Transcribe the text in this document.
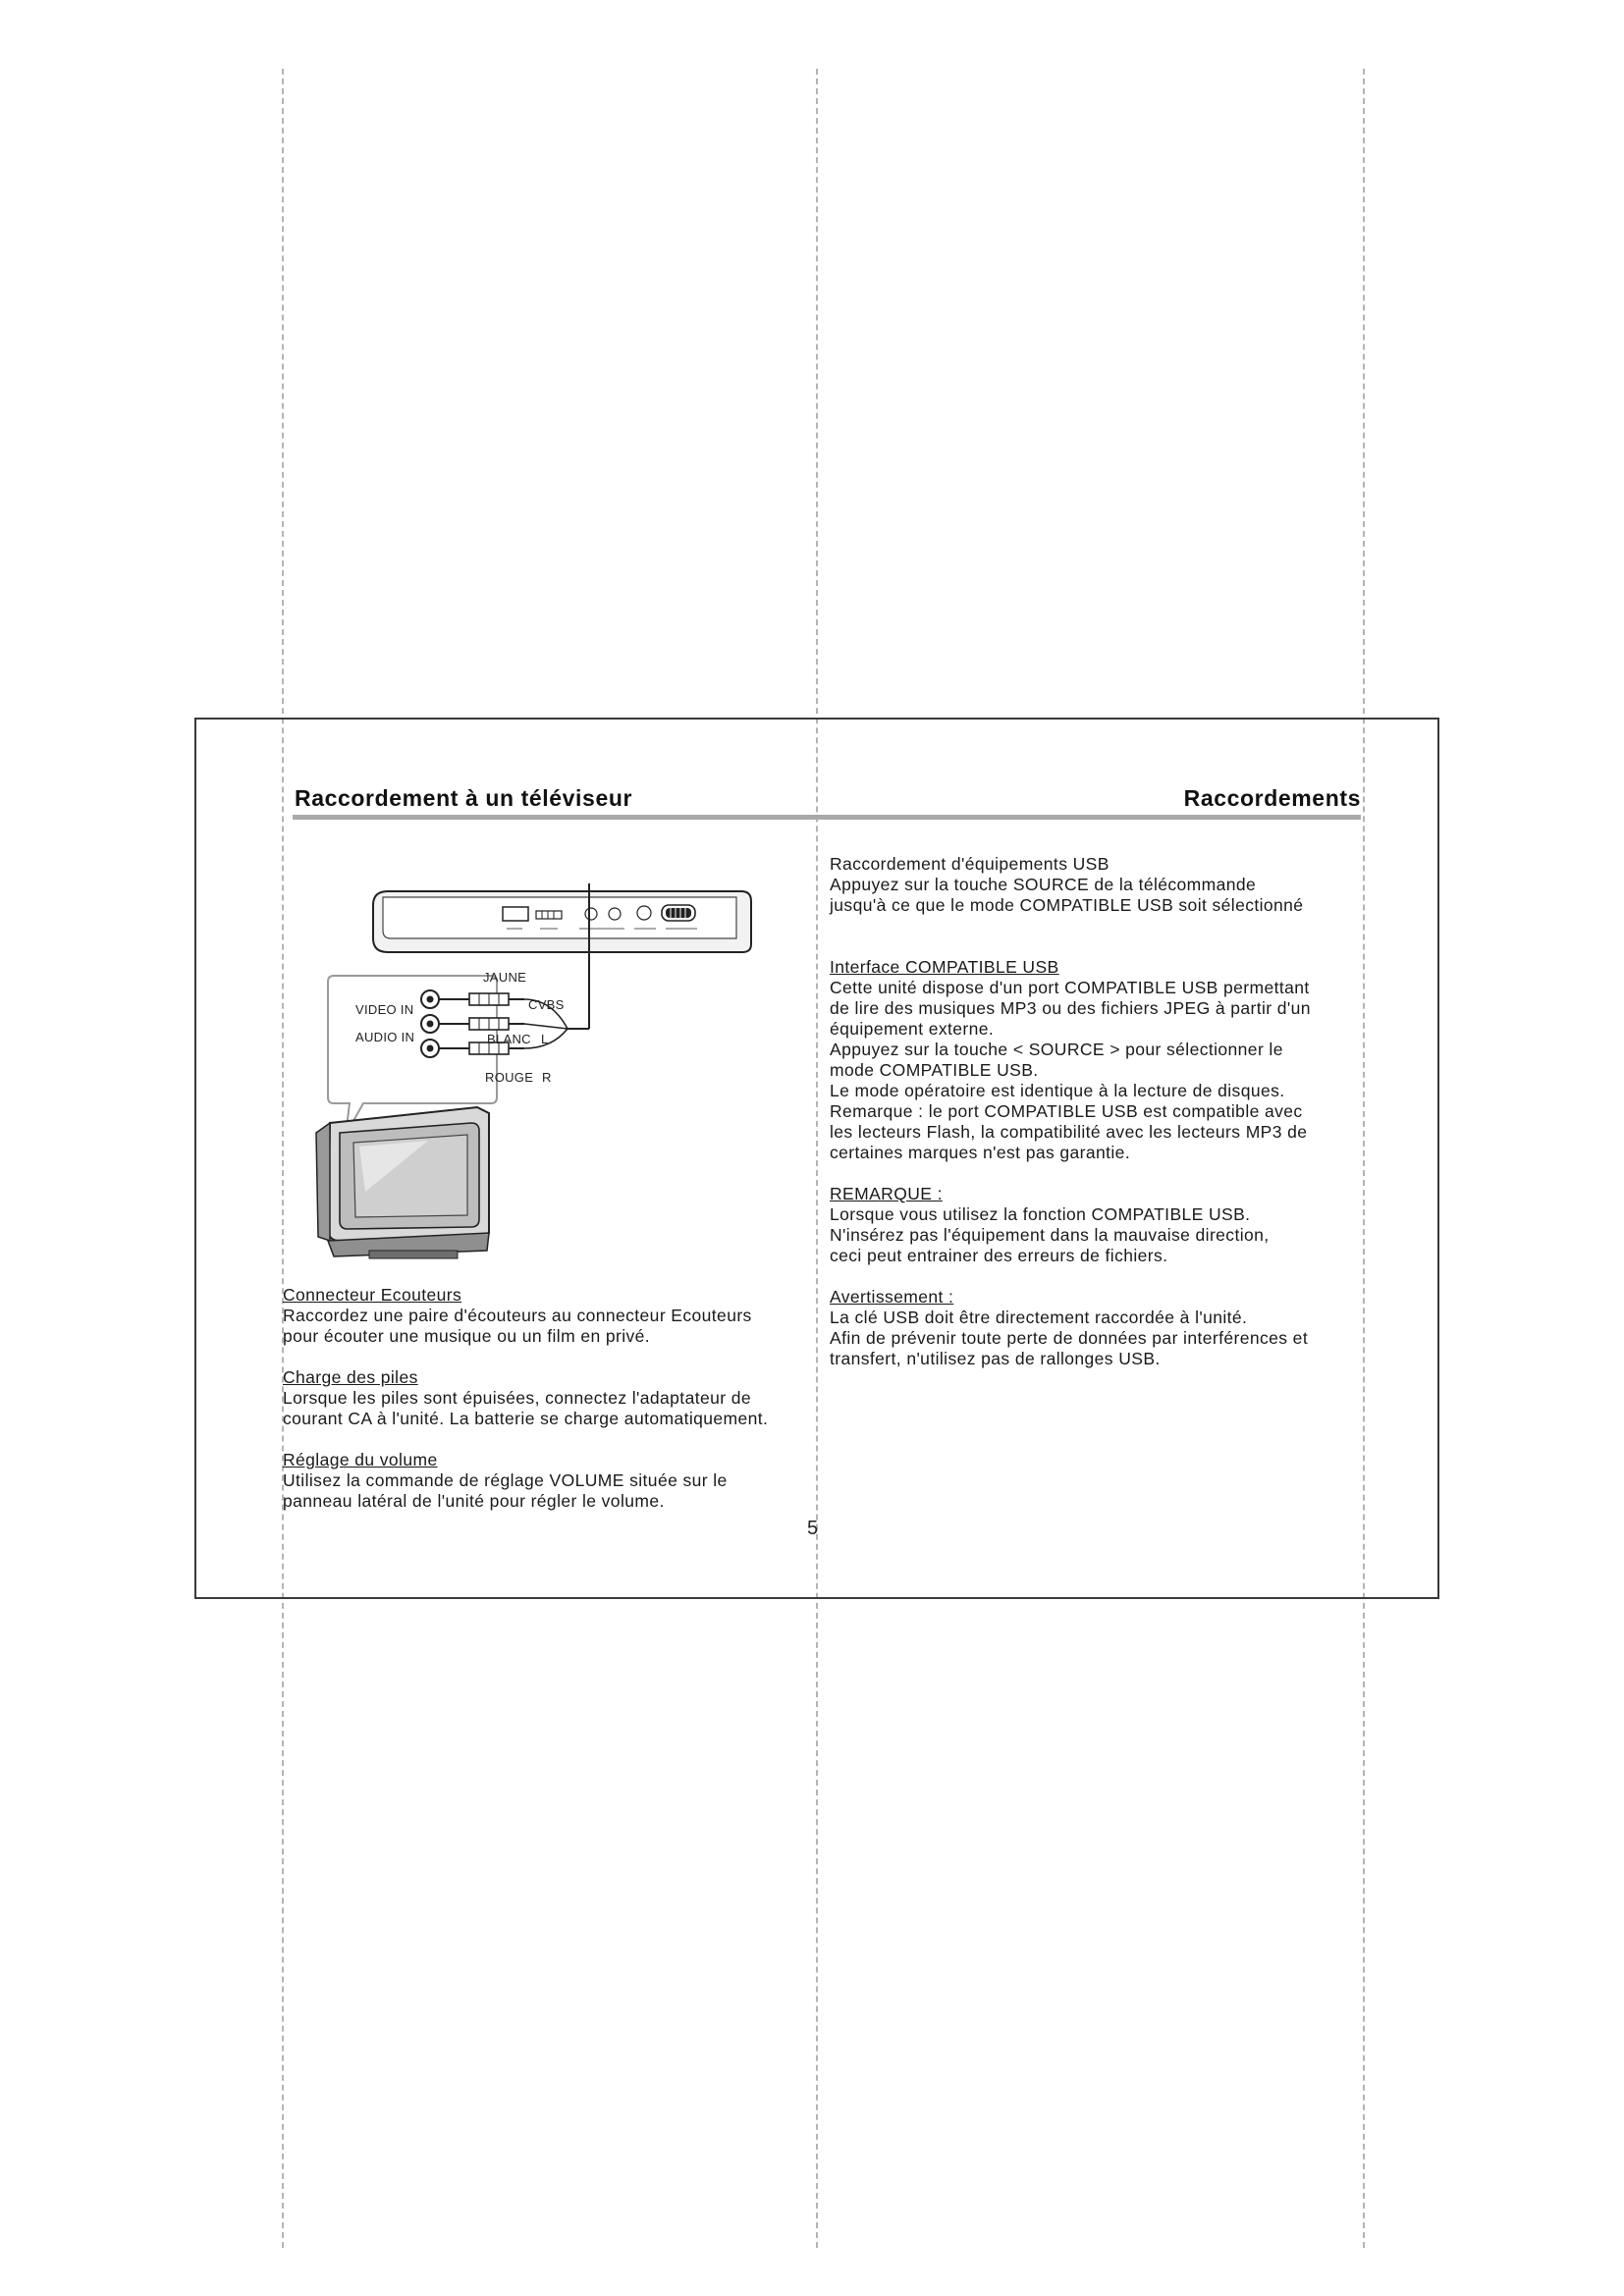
Raccordement à un téléviseur	Raccordements
JAUNE
CVBS
VIDEO IN
AUDIO IN	BLANC L
ROUGE R

Connecteur Ecouteurs

Raccordez une paire d'écouteurs au connecteur Ecouteurs

pour écouter une musique ou un film en privé.

Charge des piles

Lorsque les piles sont épuisées, connectez l'adaptateur de

courant CA à l'unité. La batterie se charge automatiquement.

Réglage du volume

Utilisez la commande de réglage VOLUME située sur le

panneau latéral de l'unité pour régler le volume.

Raccordement d'équipements USB

Appuyez sur la touche SOURCE de la télécommande

jusqu'à ce que le mode COMPATIBLE USB soit sélectionné

Interface COMPATIBLE USB

Cette unité dispose d'un port COMPATIBLE USB permettant

de lire des musiques MP3 ou des fichiers JPEG à partir d'un

équipement externe.

Appuyez sur la touche < SOURCE > pour sélectionner le

mode COMPATIBLE USB.

Le mode opératoire est identique à la lecture de disques.

Remarque : le port COMPATIBLE USB est compatible avec

les lecteurs Flash, la compatibilité avec les lecteurs MP3 de

certaines marques n'est pas garantie.

REMARQUE :

Lorsque vous utilisez la fonction COMPATIBLE USB.

N'insérez pas l'équipement dans la mauvaise direction,

ceci peut entrainer des erreurs de fichiers.

Avertissement :

La clé USB doit être directement raccordée à l'unité.

Afin de prévenir toute perte de données par interférences et

transfert, n'utilisez pas de rallonges USB.

5
